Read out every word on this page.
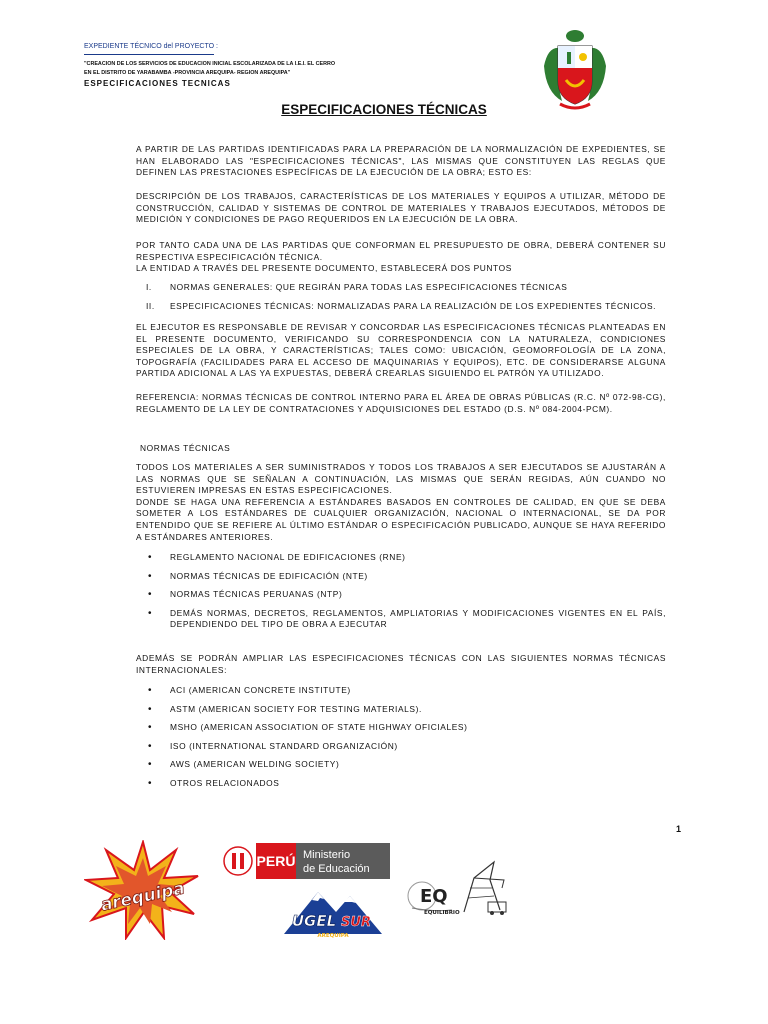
EXPEDIENTE TÉCNICO del PROYECTO :
"CREACION DE LOS SERVICIOS DE EDUCACION INICIAL ESCOLARIZADA DE LA I.E.I. EL CERRO
EN EL DISTRITO DE YARABAMBA -PROVINCIA AREQUIPA- REGION AREQUIPA"
ESPECIFICACIONES TECNICAS
ESPECIFICACIONES TÉCNICAS

A PARTIR DE LAS PARTIDAS IDENTIFICADAS PARA LA PREPARACIÓN DE LA NORMALIZACIÓN DE EXPEDIENTES, SE HAN ELABORADO LAS "ESPECIFICACIONES TÉCNICAS", LAS MISMAS QUE CONSTITUYEN LAS REGLAS QUE DEFINEN LAS PRESTACIONES ESPECÍFICAS DE LA EJECUCIÓN DE LA OBRA; ESTO ES:

DESCRIPCIÓN DE LOS TRABAJOS, CARACTERÍSTICAS DE LOS MATERIALES Y EQUIPOS A UTILIZAR, MÉTODO DE CONSTRUCCIÓN, CALIDAD Y SISTEMAS DE CONTROL DE MATERIALES Y TRABAJOS EJECUTADOS, MÉTODOS DE MEDICIÓN Y CONDICIONES DE PAGO REQUERIDOS EN LA EJECUCIÓN DE LA OBRA.

POR TANTO CADA UNA DE LAS PARTIDAS QUE CONFORMAN EL PRESUPUESTO DE OBRA, DEBERÁ CONTENER SU RESPECTIVA ESPECIFICACIÓN TÉCNICA.

LA ENTIDAD A TRAVÉS DEL PRESENTE DOCUMENTO, ESTABLECERÁ DOS PUNTOS

I. NORMAS GENERALES: QUE REGIRÁN PARA TODAS LAS ESPECIFICACIONES TÉCNICAS
II. ESPECIFICACIONES TÉCNICAS: NORMALIZADAS PARA LA REALIZACIÓN DE LOS EXPEDIENTES TÉCNICOS.

EL EJECUTOR ES RESPONSABLE DE REVISAR Y CONCORDAR LAS ESPECIFICACIONES TÉCNICAS PLANTEADAS EN EL PRESENTE DOCUMENTO, VERIFICANDO SU CORRESPONDENCIA CON LA NATURALEZA, CONDICIONES ESPECIALES DE LA OBRA, Y CARACTERÍSTICAS; TALES COMO: UBICACIÓN, GEOMORFOLOGÍA DE LA ZONA, TOPOGRAFÍA (FACILIDADES PARA EL ACCESO DE MAQUINARIAS Y EQUIPOS), ETC. DE CONSIDERARSE ALGUNA PARTIDA ADICIONAL A LAS YA EXPUESTAS, DEBERÁ CREARLAS SIGUIENDO EL PATRÓN YA UTILIZADO.

REFERENCIA: NORMAS TÉCNICAS DE CONTROL INTERNO PARA EL ÁREA DE OBRAS PÚBLICAS (R.C. Nº 072-98-CG), REGLAMENTO DE LA LEY DE CONTRATACIONES Y ADQUISICIONES DEL ESTADO (D.S. Nº 084-2004-PCM).

NORMAS TÉCNICAS

TODOS LOS MATERIALES A SER SUMINISTRADOS Y TODOS LOS TRABAJOS A SER EJECUTADOS SE AJUSTARÁN A LAS NORMAS QUE SE SEÑALAN A CONTINUACIÓN, LAS MISMAS QUE SERÁN REGIDAS, AÚN CUANDO NO ESTUVIEREN IMPRESAS EN ESTAS ESPECIFICACIONES.

DONDE SE HAGA UNA REFERENCIA A ESTÁNDARES BASADOS EN CONTROLES DE CALIDAD, EN QUE SE DEBA SOMETER A LOS ESTÁNDARES DE CUALQUIER ORGANIZACIÓN, NACIONAL O INTERNACIONAL, SE DA POR ENTENDIDO QUE SE REFIERE AL ÚLTIMO ESTÁNDAR O ESPECIFICACIÓN PUBLICADO, AUNQUE SE HAYA REFERIDO A ESTÁNDARES ANTERIORES.

• REGLAMENTO NACIONAL DE EDIFICACIONES (RNE)
• NORMAS TÉCNICAS DE EDIFICACIÓN (NTE)
• NORMAS TÉCNICAS PERUANAS (NTP)
• DEMÁS NORMAS, DECRETOS, REGLAMENTOS, AMPLIATORIAS Y MODIFICACIONES VIGENTES EN EL PAÍS, DEPENDIENDO DEL TIPO DE OBRA A EJECUTAR

ADEMÁS SE PODRÁN AMPLIAR LAS ESPECIFICACIONES TÉCNICAS CON LAS SIGUIENTES NORMAS TÉCNICAS INTERNACIONALES:

• ACI (AMERICAN CONCRETE INSTITUTE)
• ASTM (AMERICAN SOCIETY FOR TESTING MATERIALS).
• MSHO (AMERICAN ASSOCIATION OF STATE HIGHWAY OFICIALES)
• ISO (INTERNATIONAL STANDARD ORGANIZACIÓN)
• AWS (AMERICAN WELDING SOCIETY)
• OTROS RELACIONADOS
1
arequipa
PERÚ Ministerio
de Educación
UGEL SUR
AREQUIPA
EQ
EQUILIBRIO
